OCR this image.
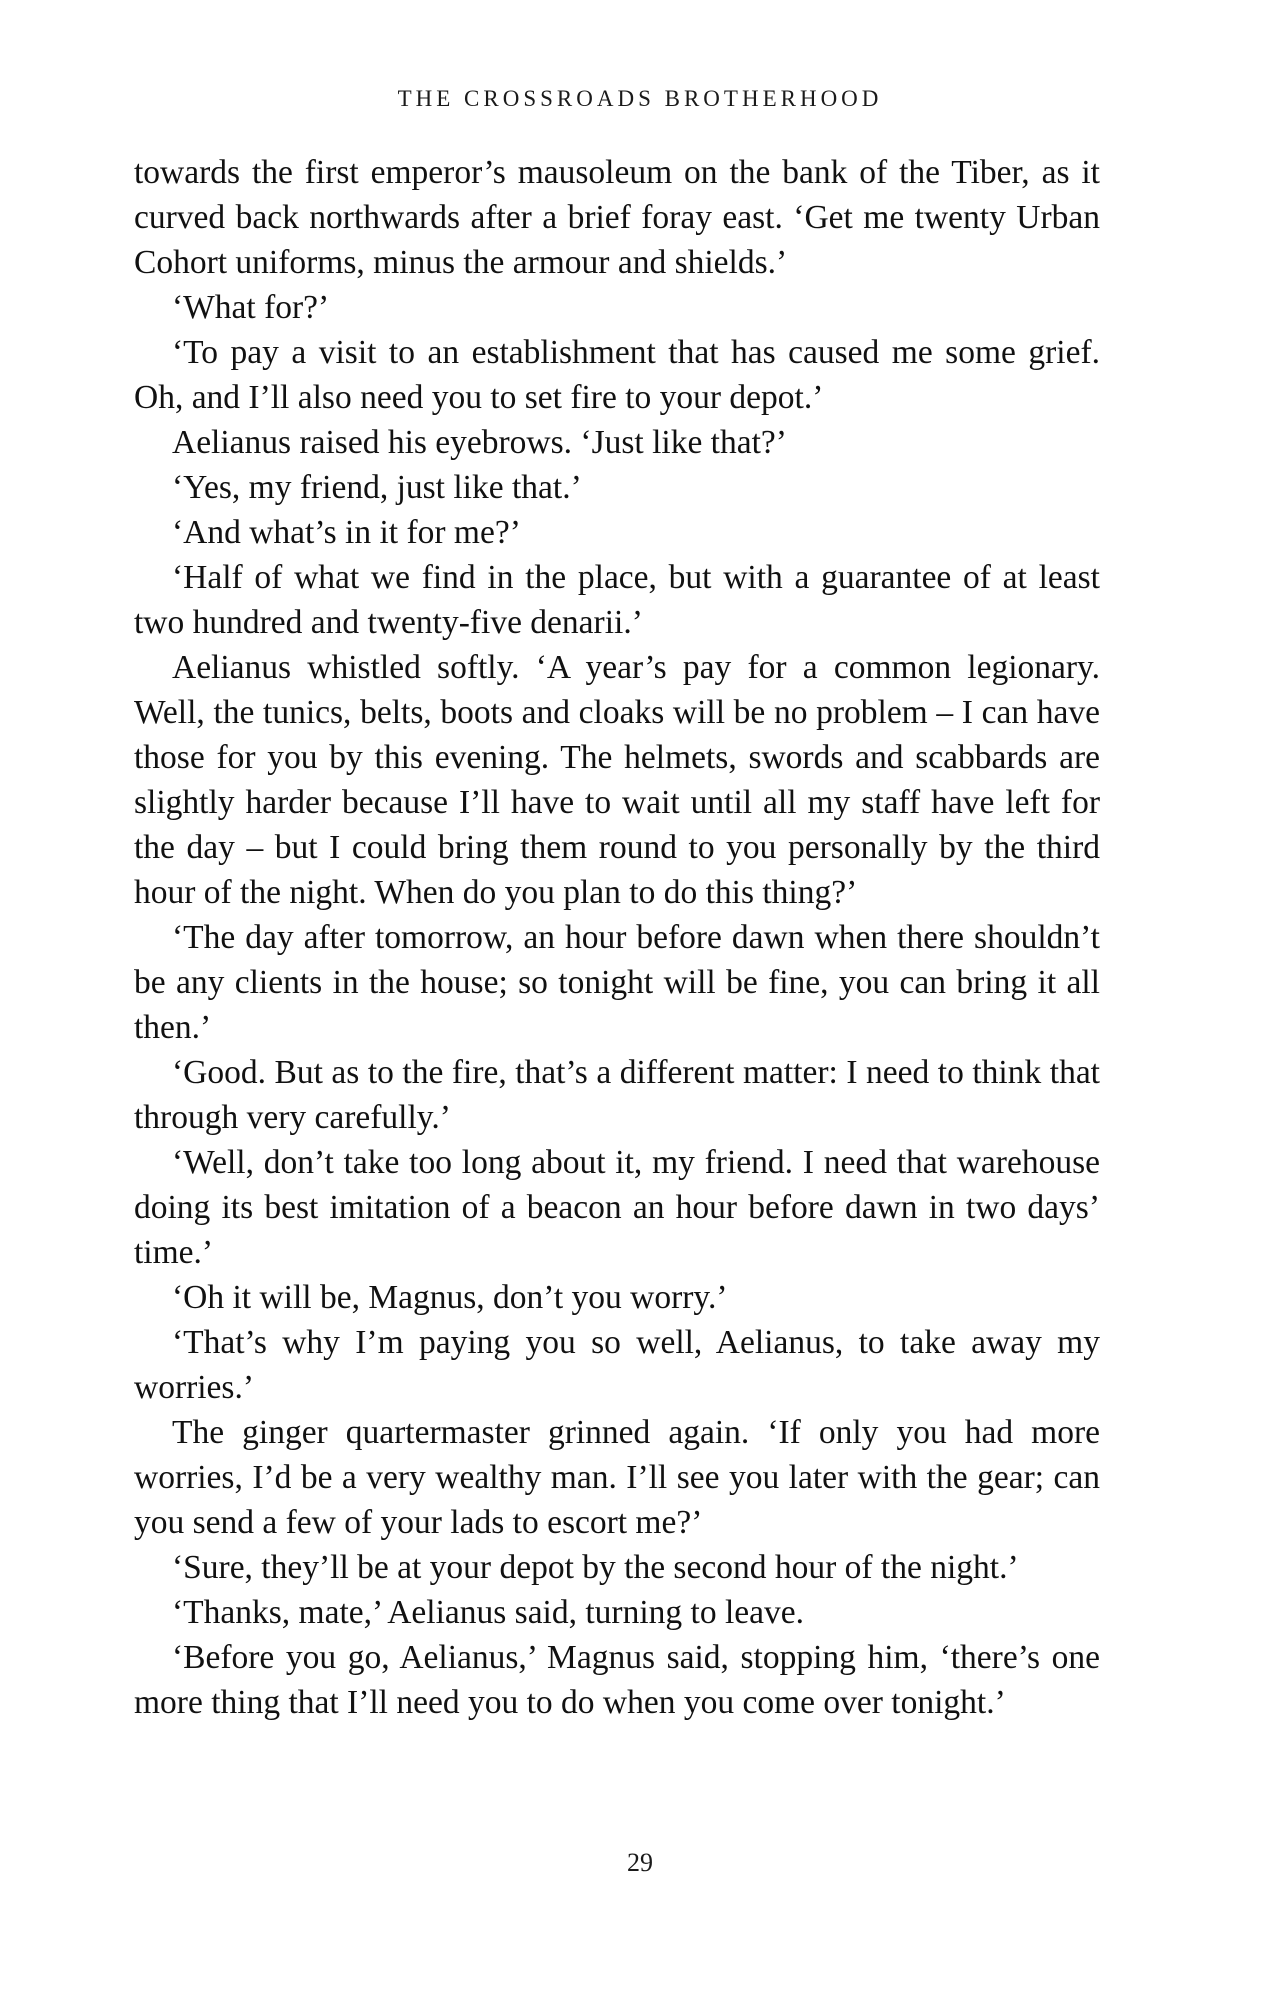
THE CROSSROADS BROTHERHOOD

towards the first emperor’s mausoleum on the bank of the Tiber, as it curved back northwards after a brief foray east. ‘Get me twenty Urban Cohort uniforms, minus the armour and shields.’

‘What for?’

‘To pay a visit to an establishment that has caused me some grief. Oh, and I’ll also need you to set fire to your depot.’

Aelianus raised his eyebrows. ‘Just like that?’

‘Yes, my friend, just like that.’

‘And what’s in it for me?’

‘Half of what we find in the place, but with a guarantee of at least two hundred and twenty-five denarii.’

Aelianus whistled softly. ‘A year’s pay for a common legionary. Well, the tunics, belts, boots and cloaks will be no problem – I can have those for you by this evening. The helmets, swords and scabbards are slightly harder because I’ll have to wait until all my staff have left for the day – but I could bring them round to you personally by the third hour of the night. When do you plan to do this thing?’

‘The day after tomorrow, an hour before dawn when there shouldn’t be any clients in the house; so tonight will be fine, you can bring it all then.’

‘Good. But as to the fire, that’s a different matter: I need to think that through very carefully.’

‘Well, don’t take too long about it, my friend. I need that warehouse doing its best imitation of a beacon an hour before dawn in two days’ time.’

‘Oh it will be, Magnus, don’t you worry.’

‘That’s why I’m paying you so well, Aelianus, to take away my worries.’

The ginger quartermaster grinned again. ‘If only you had more worries, I’d be a very wealthy man. I’ll see you later with the gear; can you send a few of your lads to escort me?’

‘Sure, they’ll be at your depot by the second hour of the night.’

‘Thanks, mate,’ Aelianus said, turning to leave.

‘Before you go, Aelianus,’ Magnus said, stopping him, ‘there’s one more thing that I’ll need you to do when you come over tonight.’

29
